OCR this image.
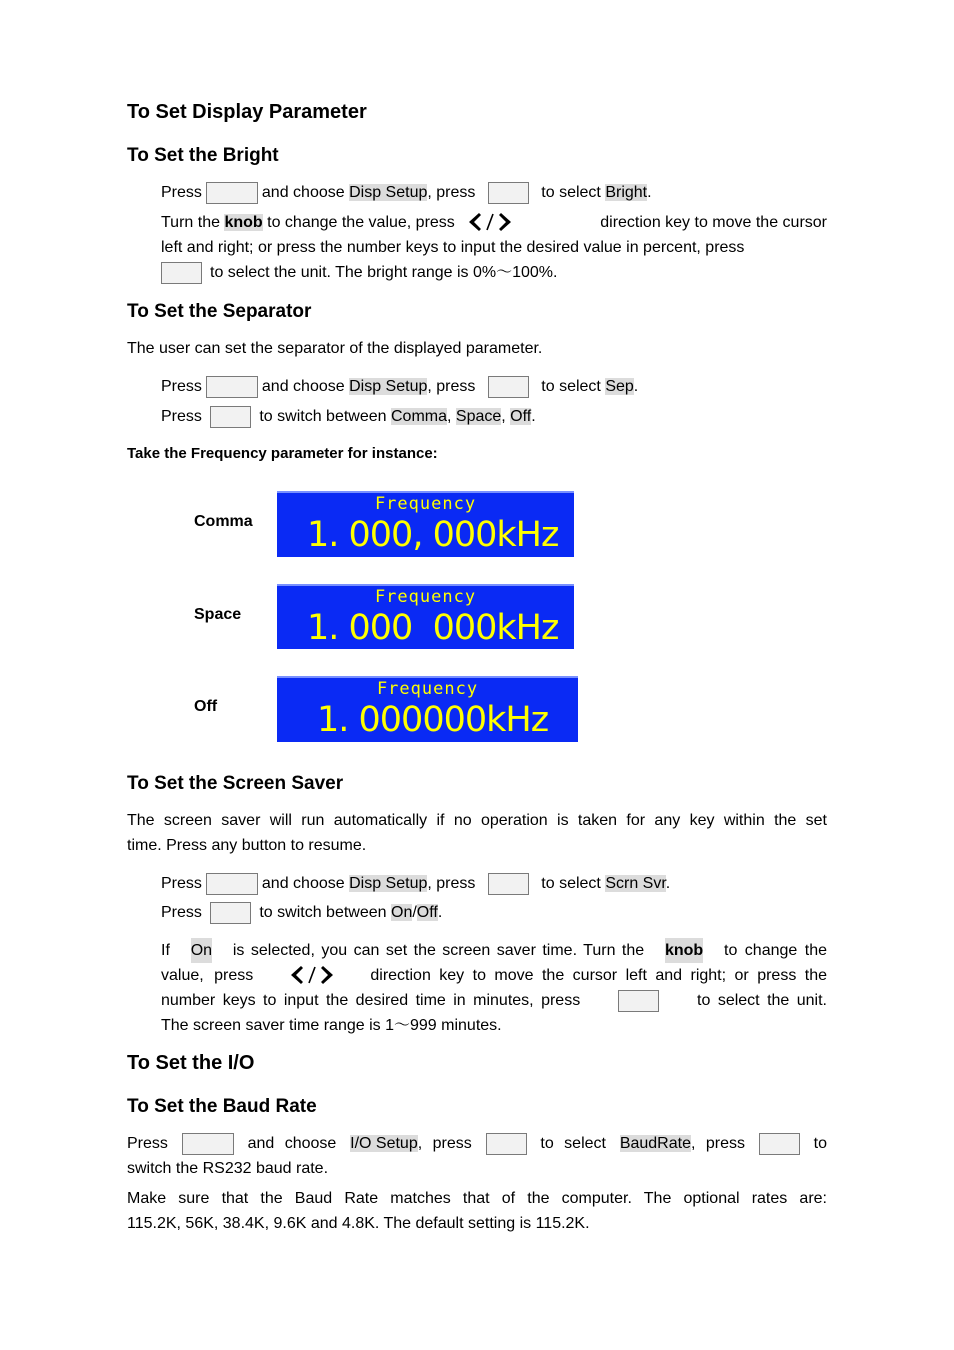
To Set Display Parameter
To Set the Bright
Press	and choose Disp Setup, press	to select Bright.
Turn the knob to change the value, press	direction key to move the cursor
left and right; or press the number keys to input the desired value in percent, press
to select the unit. The bright range is 0%～100%.
To Set the Separator
The user can set the separator of the displayed parameter.
Press	and choose Disp Setup, press	to select Sep.
Press	to switch between Comma, Space, Off.
Take the Frequency parameter for instance:
Comma
Frequency
1. 000, 000kHz
Space
Frequency
1. 000  000kHz
Off
Frequency
1. 000000kHz
To Set the Screen Saver
The screen saver will run automatically if no operation is taken for any key within the set
time. Press any button to resume.
Press	and choose Disp Setup, press	to select Scrn Svr.
Press	to switch between On/Off.
If On is selected, you can set the screen saver time. Turn the knob to change the
value, press	direction key to move the cursor left and right; or press the
number keys to input the desired time in minutes, press	to select the unit.
The screen saver time range is 1～999 minutes.
To Set the I/O
To Set the Baud Rate
Press	and choose I/O Setup, press	to select BaudRate, press	to
switch the RS232 baud rate.
Make sure that the Baud Rate matches that of the computer. The optional rates are:
115.2K, 56K, 38.4K, 9.6K and 4.8K. The default setting is 115.2K.
